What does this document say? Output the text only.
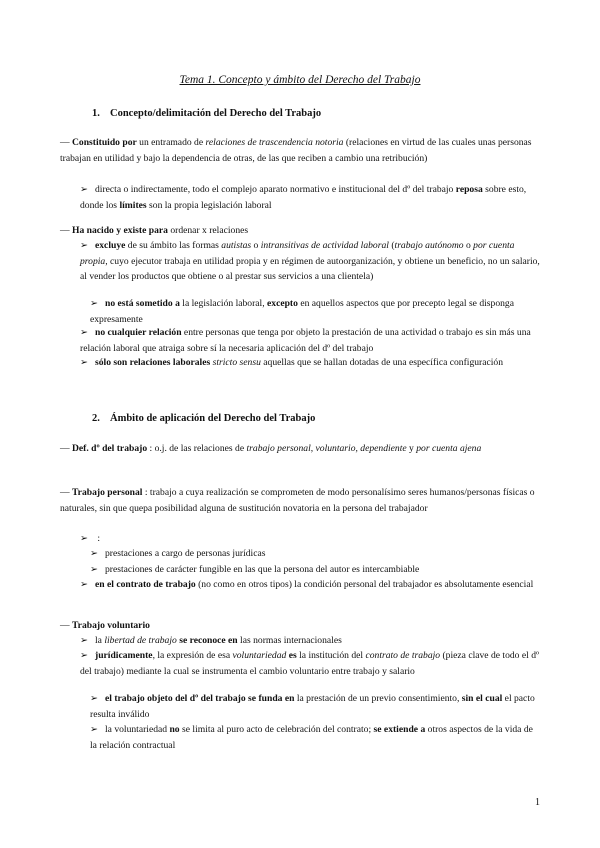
Tema 1. Concepto y ámbito del Derecho del Trabajo
1. Concepto/delimitación del Derecho del Trabajo
— Constituido por un entramado de relaciones de trascendencia notoria (relaciones en virtud de las cuales unas personas trabajan en utilidad y bajo la dependencia de otras, de las que reciben a cambio una retribución)
➢ directa o indirectamente, todo el complejo aparato normativo e institucional del dº del trabajo reposa sobre esto, donde los límites son la propia legislación laboral
— Ha nacido y existe para ordenar x relaciones
➢ excluye de su ámbito las formas autistas o intransitivas de actividad laboral (trabajo autónomo o por cuenta propia, cuyo ejecutor trabaja en utilidad propia y en régimen de autoorganización, y obtiene un beneficio, no un salario, al vender los productos que obtiene o al prestar sus servicios a una clientela)
➢ no está sometido a la legislación laboral, excepto en aquellos aspectos que por precepto legal se disponga expresamente
➢ no cualquier relación entre personas que tenga por objeto la prestación de una actividad o trabajo es sin más una relación laboral que atraiga sobre sí la necesaria aplicación del dº del trabajo
➢ sólo son relaciones laborales stricto sensu aquellas que se hallan dotadas de una específica configuración
2. Ámbito de aplicación del Derecho del Trabajo
— Def. dº del trabajo : o.j. de las relaciones de trabajo personal, voluntario, dependiente y por cuenta ajena
— Trabajo personal : trabajo a cuya realización se comprometen de modo personalísimo seres humanos/personas físicas o naturales, sin que quepa posibilidad alguna de sustitución novatoria en la persona del trabajador
➢ :
➢ prestaciones a cargo de personas jurídicas
➢ prestaciones de carácter fungible en las que la persona del autor es intercambiable
➢ en el contrato de trabajo (no como en otros tipos) la condición personal del trabajador es absolutamente esencial
— Trabajo voluntario
➢ la libertad de trabajo se reconoce en las normas internacionales
➢ jurídicamente, la expresión de esa voluntariedad es la institución del contrato de trabajo (pieza clave de todo el dº del trabajo) mediante la cual se instrumenta el cambio voluntario entre trabajo y salario
➢ el trabajo objeto del dº del trabajo se funda en la prestación de un previo consentimiento, sin el cual el pacto resulta inválido
➢ la voluntariedad no se limita al puro acto de celebración del contrato; se extiende a otros aspectos de la vida de la relación contractual
1
